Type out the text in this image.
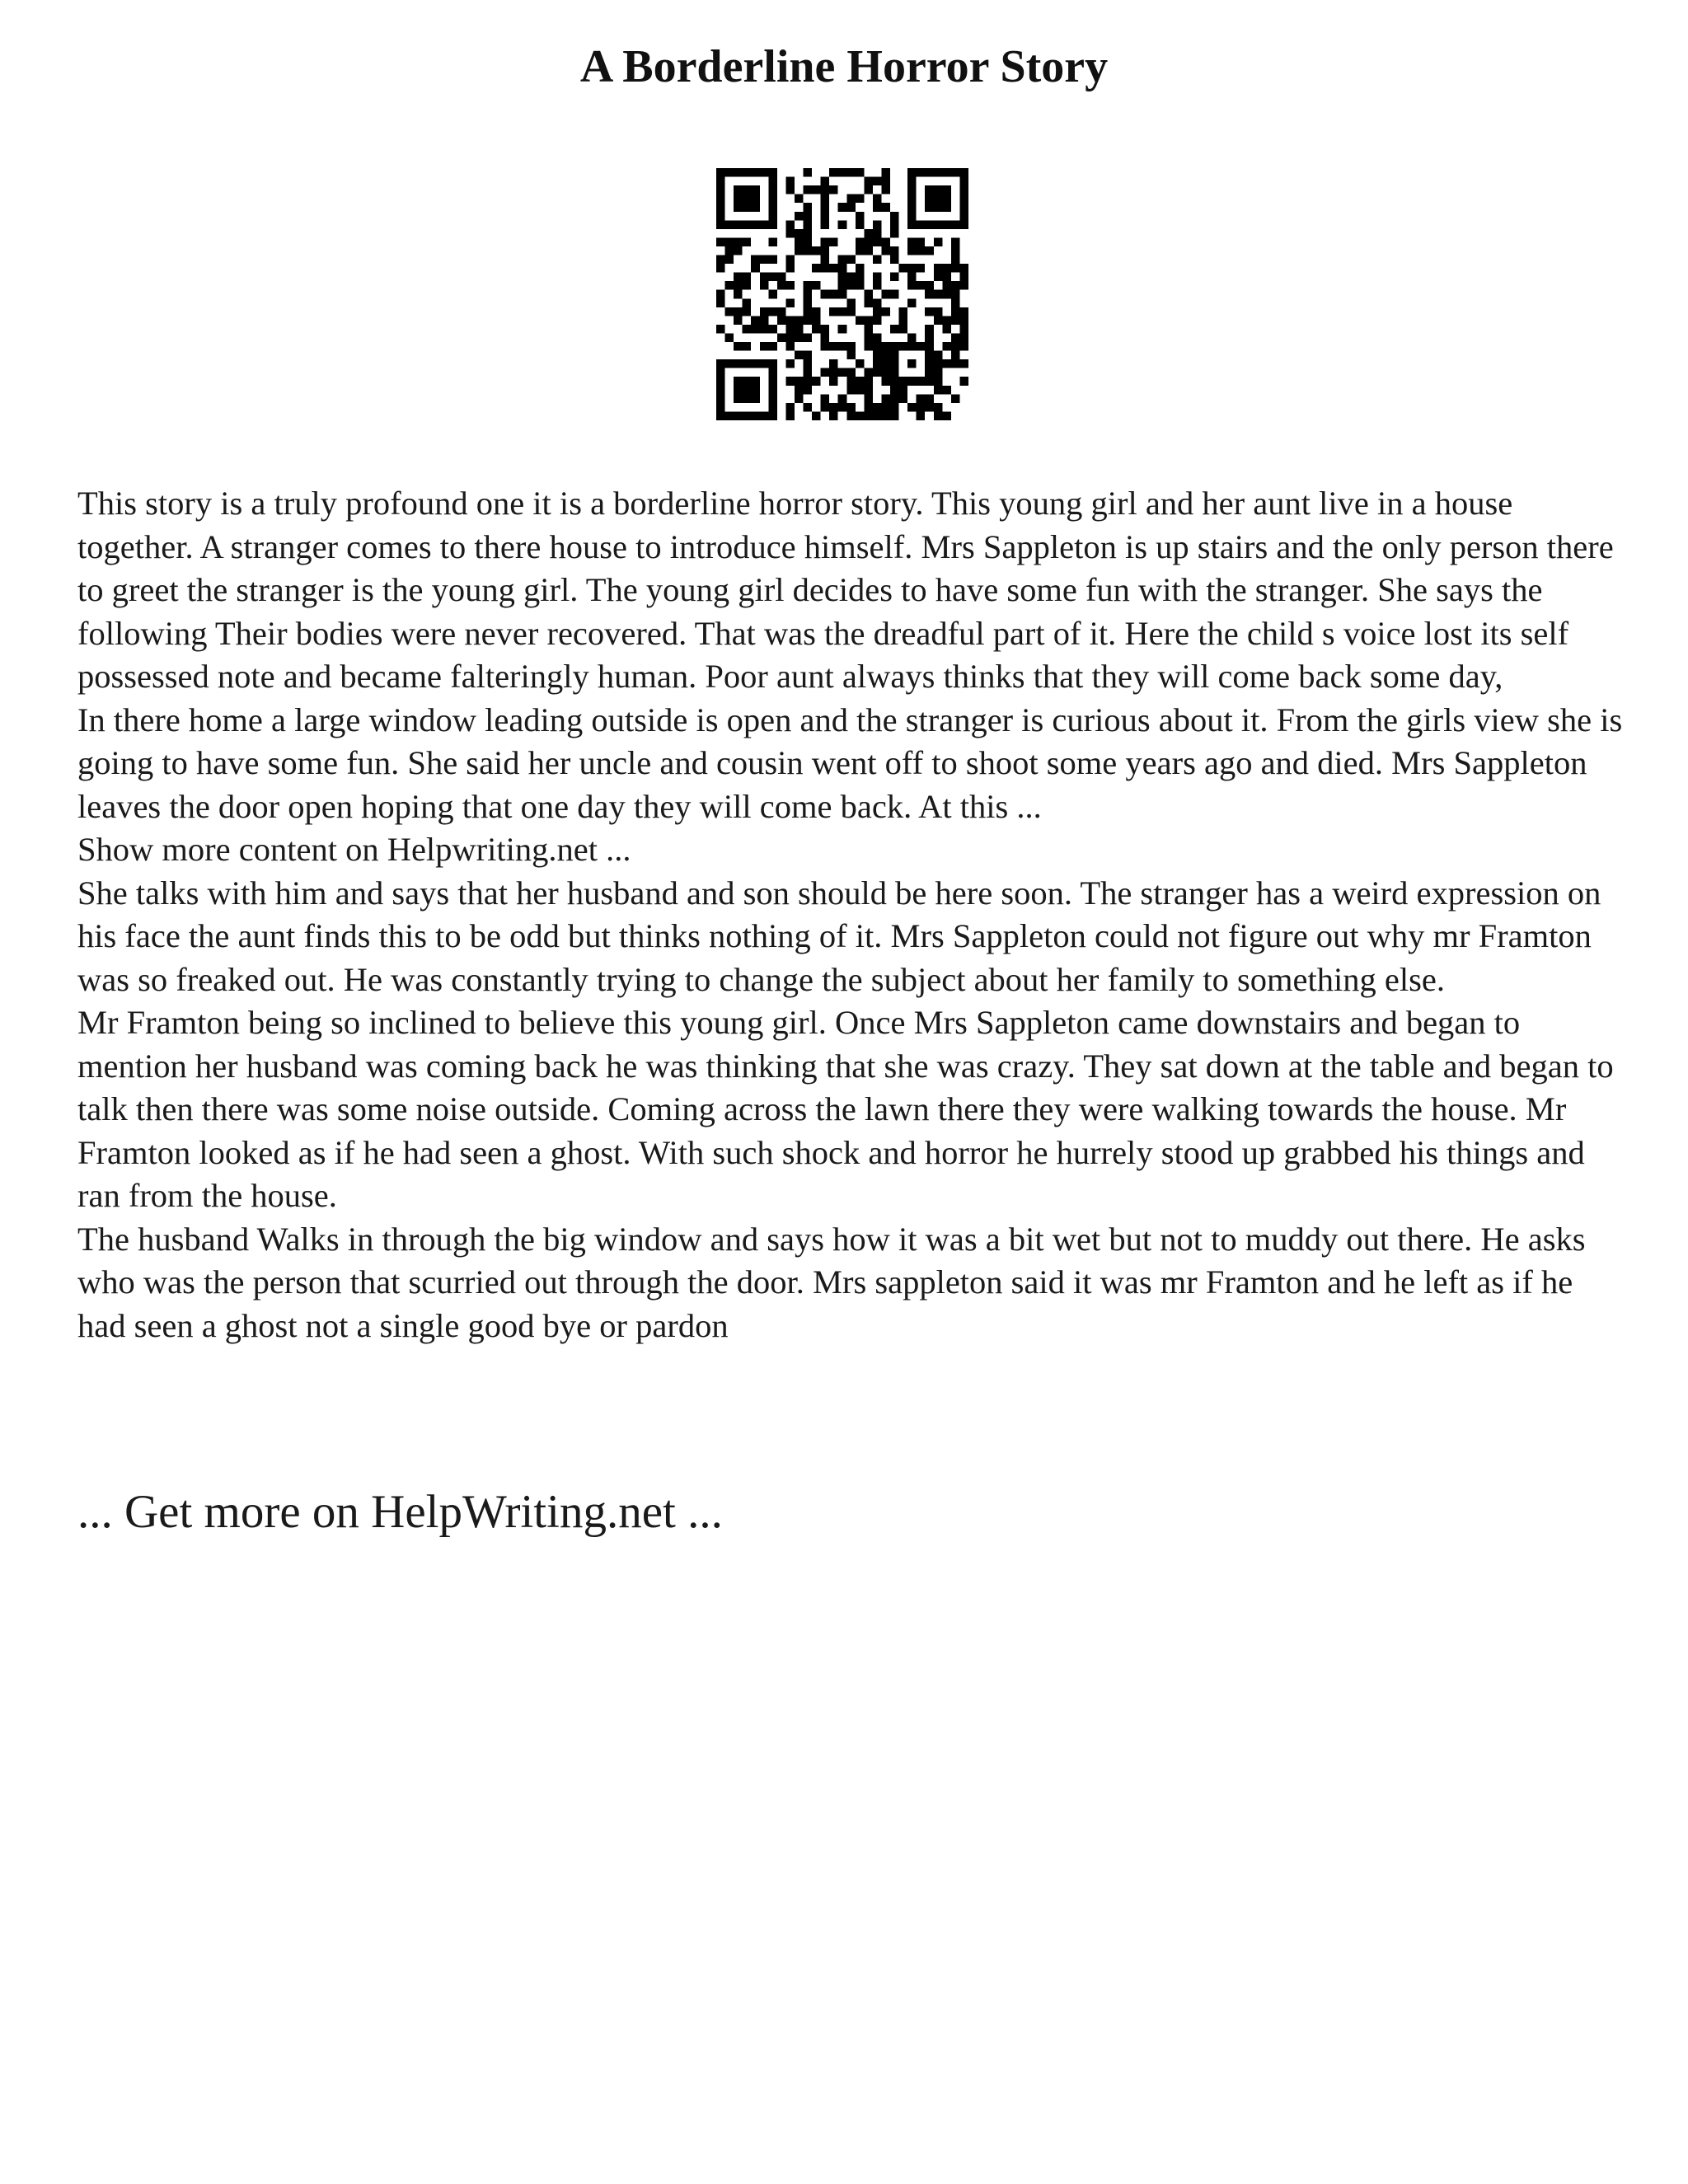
A Borderline Horror Story

This story is a truly profound one it is a borderline horror story. This young girl and her aunt live in a house together. A stranger comes to there house to introduce himself. Mrs Sappleton is up stairs and the only person there to greet the stranger is the young girl. The young girl decides to have some fun with the stranger. She says the following Their bodies were never recovered. That was the dreadful part of it. Here the child s voice lost its self possessed note and became falteringly human. Poor aunt always thinks that they will come back some day,

In there home a large window leading outside is open and the stranger is curious about it. From the girls view she is going to have some fun. She said her uncle and cousin went off to shoot some years ago and died. Mrs Sappleton leaves the door open hoping that one day they will come back. At this ...

Show more content on Helpwriting.net ...

She talks with him and says that her husband and son should be here soon. The stranger has a weird expression on his face the aunt finds this to be odd but thinks nothing of it. Mrs Sappleton could not figure out why mr Framton was so freaked out. He was constantly trying to change the subject about her family to something else.

Mr Framton being so inclined to believe this young girl. Once Mrs Sappleton came downstairs and began to mention her husband was coming back he was thinking that she was crazy. They sat down at the table and began to talk then there was some noise outside. Coming across the lawn there they were walking towards the house. Mr Framton looked as if he had seen a ghost. With such shock and horror he hurrely stood up grabbed his things and ran from the house.

The husband Walks in through the big window and says how it was a bit wet but not to muddy out there. He asks who was the person that scurried out through the door. Mrs sappleton said it was mr Framton and he left as if he had seen a ghost not a single good bye or pardon

... Get more on HelpWriting.net ...
